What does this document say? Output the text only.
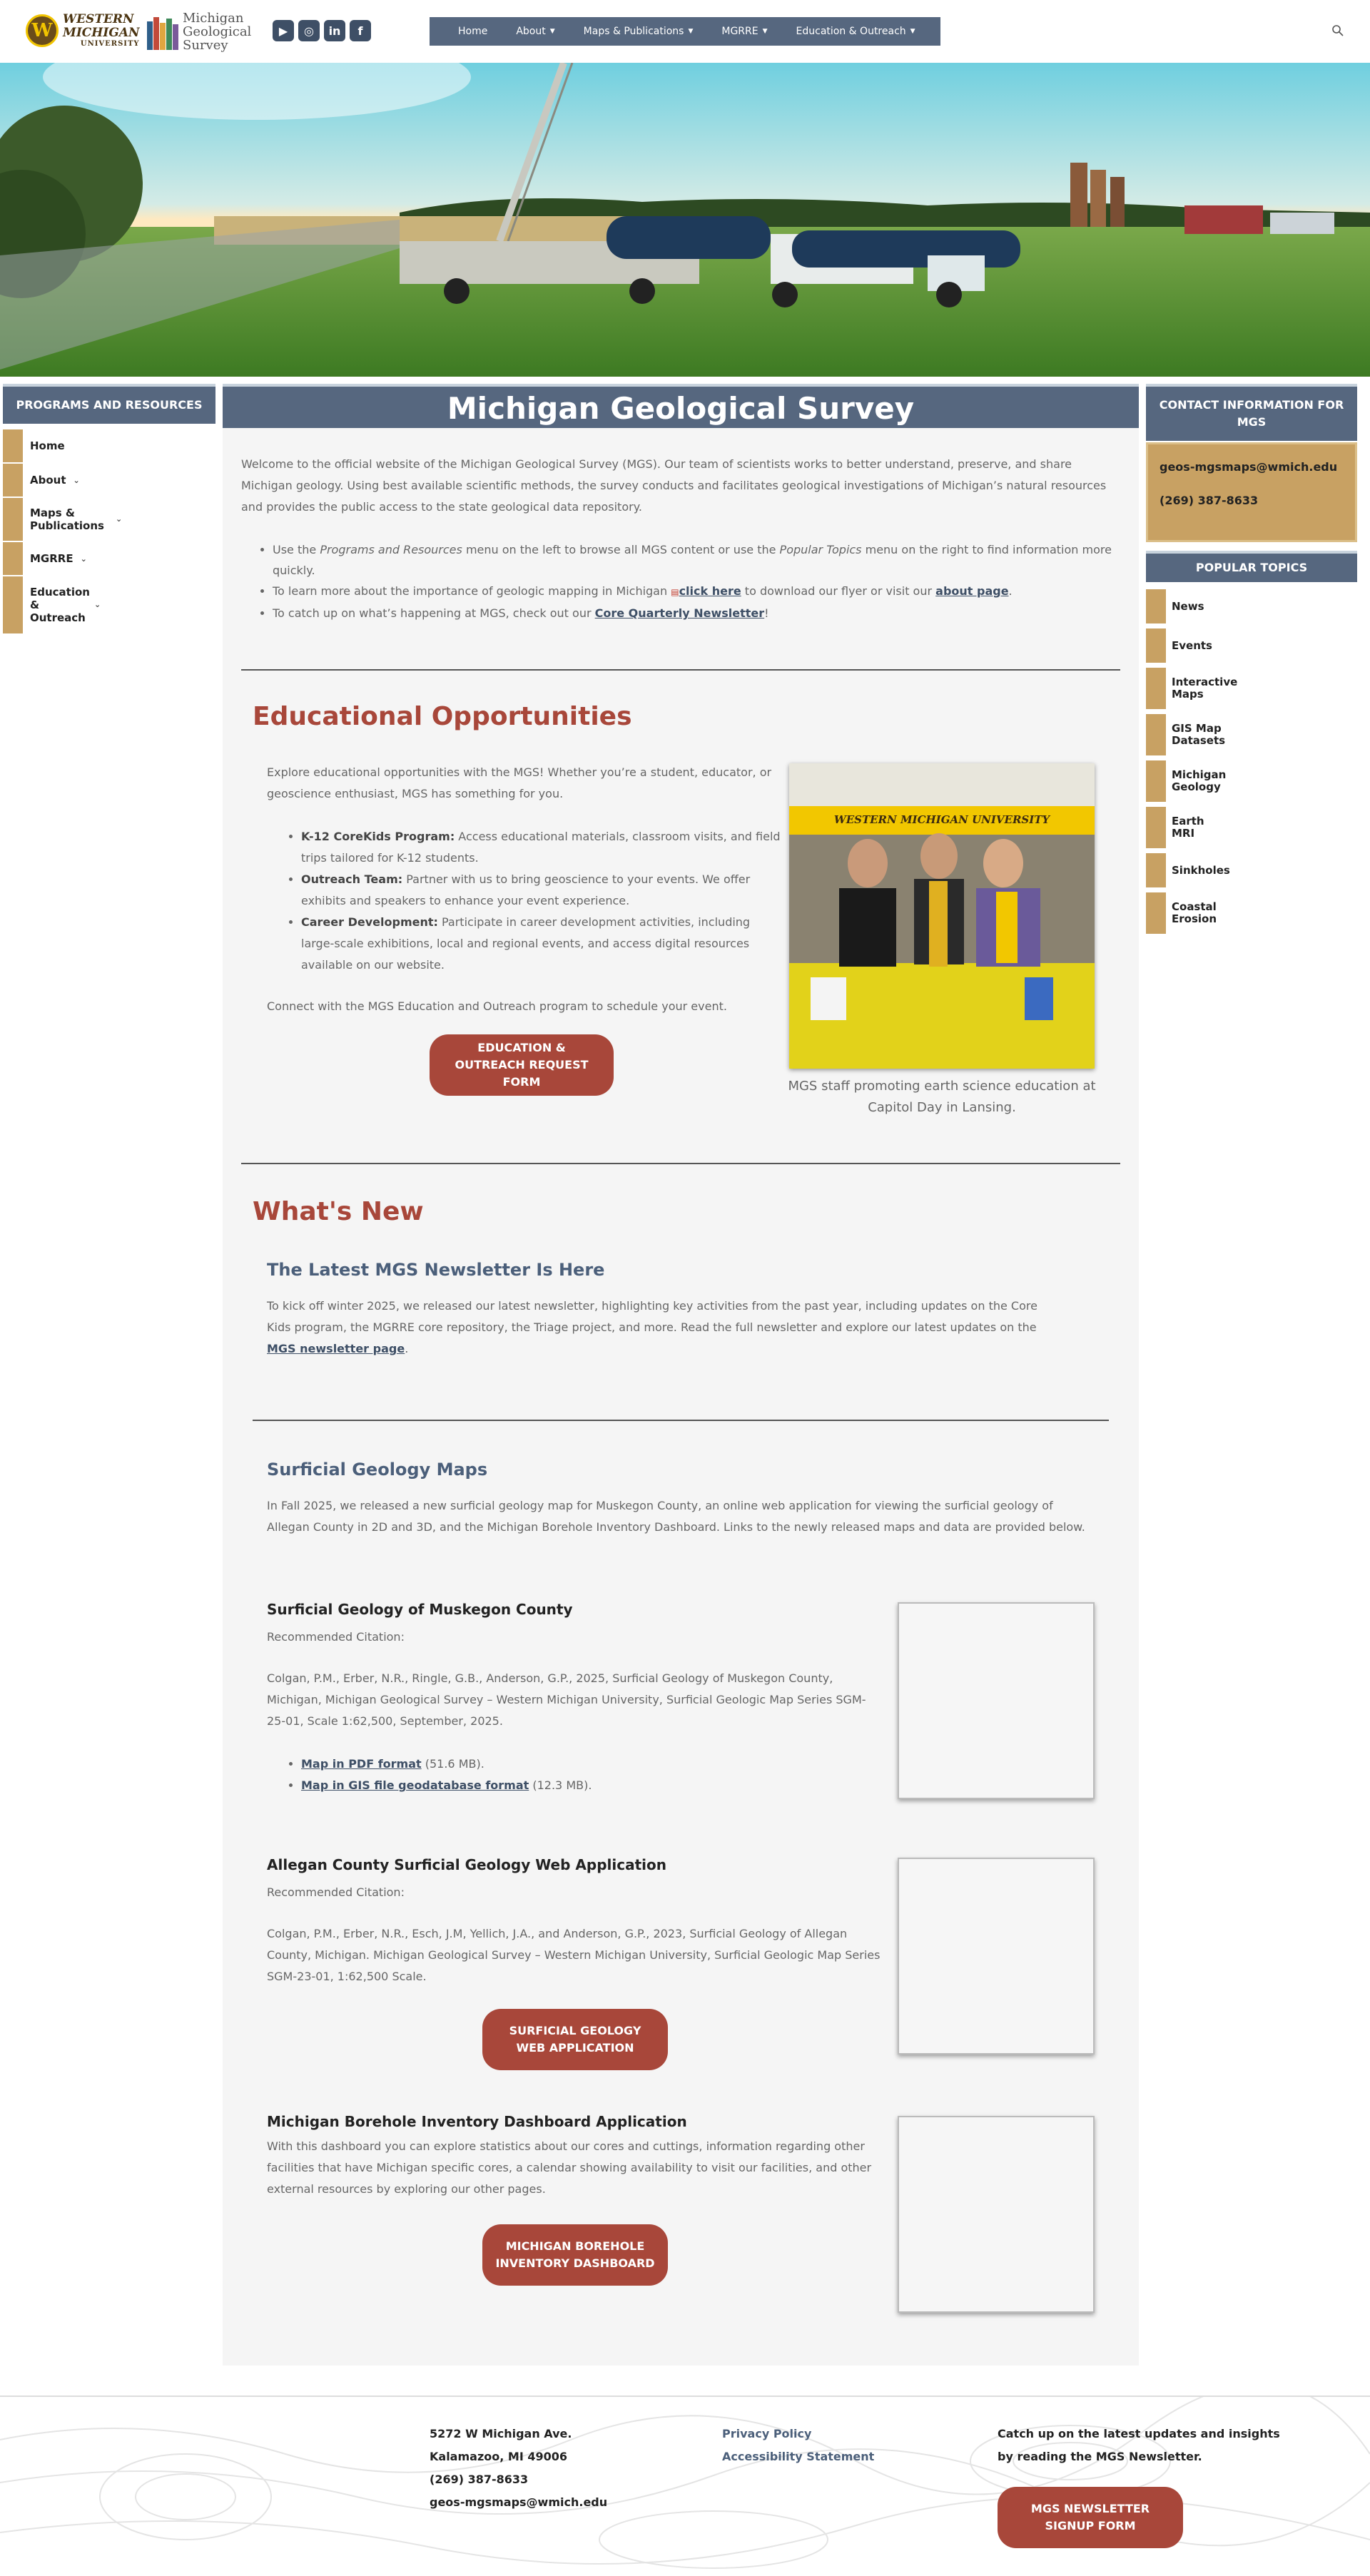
W
WESTERN
MICHIGAN
UNIVERSITY
Michigan
Geological
Survey
▶	◎	in	f	Home	About ▼	Maps & Publications ▼	MGRRE ▼	Education & Outreach ▼
PROGRAMS AND RESOURCES
Home
About ⌄
Maps & Publications
⌄
MGRRE ⌄
Education & Outreach
⌄
Michigan Geological Survey

Welcome to the official website of the Michigan Geological Survey (MGS). Our team of scientists works to better understand, preserve, and share Michigan geology. Using best available scientific methods, the survey conducts and facilitates geological investigations of Michigan’s natural resources and provides the public access to the state geological data repository.

• Use the Programs and Resources menu on the left to browse all MGS content or use the Popular Topics menu on the right to find information more quickly.
• To learn more about the importance of geologic mapping in Michigan ▤click here to download our flyer or visit our about page.
• To catch up on what’s happening at MGS, check out our Core Quarterly Newsletter!
Educational Opportunities

Explore educational opportunities with the MGS! Whether you’re a student, educator, or geoscience enthusiast, MGS has something for you.

• K-12 CoreKids Program: Access educational materials, classroom visits, and field trips tailored for K-12 students.
• Outreach Team: Partner with us to bring geoscience to your events. We offer exhibits and speakers to enhance your event experience.
• Career Development: Participate in career development activities, including large-scale exhibitions, local and regional events, and access digital resources available on our website.

Connect with the MGS Education and Outreach program to schedule your event.

EDUCATION & OUTREACH REQUEST FORM
WESTERN MICHIGAN UNIVERSITY
MGS staff promoting earth science education at Capitol Day in Lansing.
What's New
The Latest MGS Newsletter Is Here

To kick off winter 2025, we released our latest newsletter, highlighting key activities from the past year, including updates on the Core Kids program, the MGRRE core repository, the Triage project, and more. Read the full newsletter and explore our latest updates on the MGS newsletter page.

Surficial Geology Maps

In Fall 2025, we released a new surficial geology map for Muskegon County, an online web application for viewing the surficial geology of Allegan County in 2D and 3D, and the Michigan Borehole Inventory Dashboard. Links to the newly released maps and data are provided below.

Surficial Geology of Muskegon County

Recommended Citation:

Colgan, P.M., Erber, N.R., Ringle, G.B., Anderson, G.P., 2025, Surficial Geology of Muskegon County, Michigan, Michigan Geological Survey – Western Michigan University, Surficial Geologic Map Series SGM-25-01, Scale 1:62,500, September, 2025.

• Map in PDF format (51.6 MB).
• Map in GIS file geodatabase format (12.3 MB).
Allegan County Surficial Geology Web Application

Recommended Citation:

Colgan, P.M., Erber, N.R., Esch, J.M, Yellich, J.A., and Anderson, G.P., 2023, Surficial Geology of Allegan County, Michigan. Michigan Geological Survey – Western Michigan University, Surficial Geologic Map Series SGM-23-01, 1:62,500 Scale.

SURFICIAL GEOLOGY WEB APPLICATION
Michigan Borehole Inventory Dashboard Application

With this dashboard you can explore statistics about our cores and cuttings, information regarding other facilities that have Michigan specific cores, a calendar showing availability to visit our facilities, and other external resources by exploring our other pages.

MICHIGAN BOREHOLE INVENTORY DASHBOARD
CONTACT INFORMATION FOR MGS
geos-mgsmaps@wmich.edu
(269) 387-8633
POPULAR TOPICS
News
Events
Interactive Maps
GIS Map Datasets
Michigan Geology
Earth MRI
Sinkholes
Coastal Erosion
5272 W Michigan Ave.
Kalamazoo, MI 49006
(269) 387-8633
geos-mgsmaps@wmich.edu
Privacy Policy
Accessibility Statement
Catch up on the latest updates and insights by reading the MGS Newsletter.
MGS NEWSLETTER SIGNUP FORM
